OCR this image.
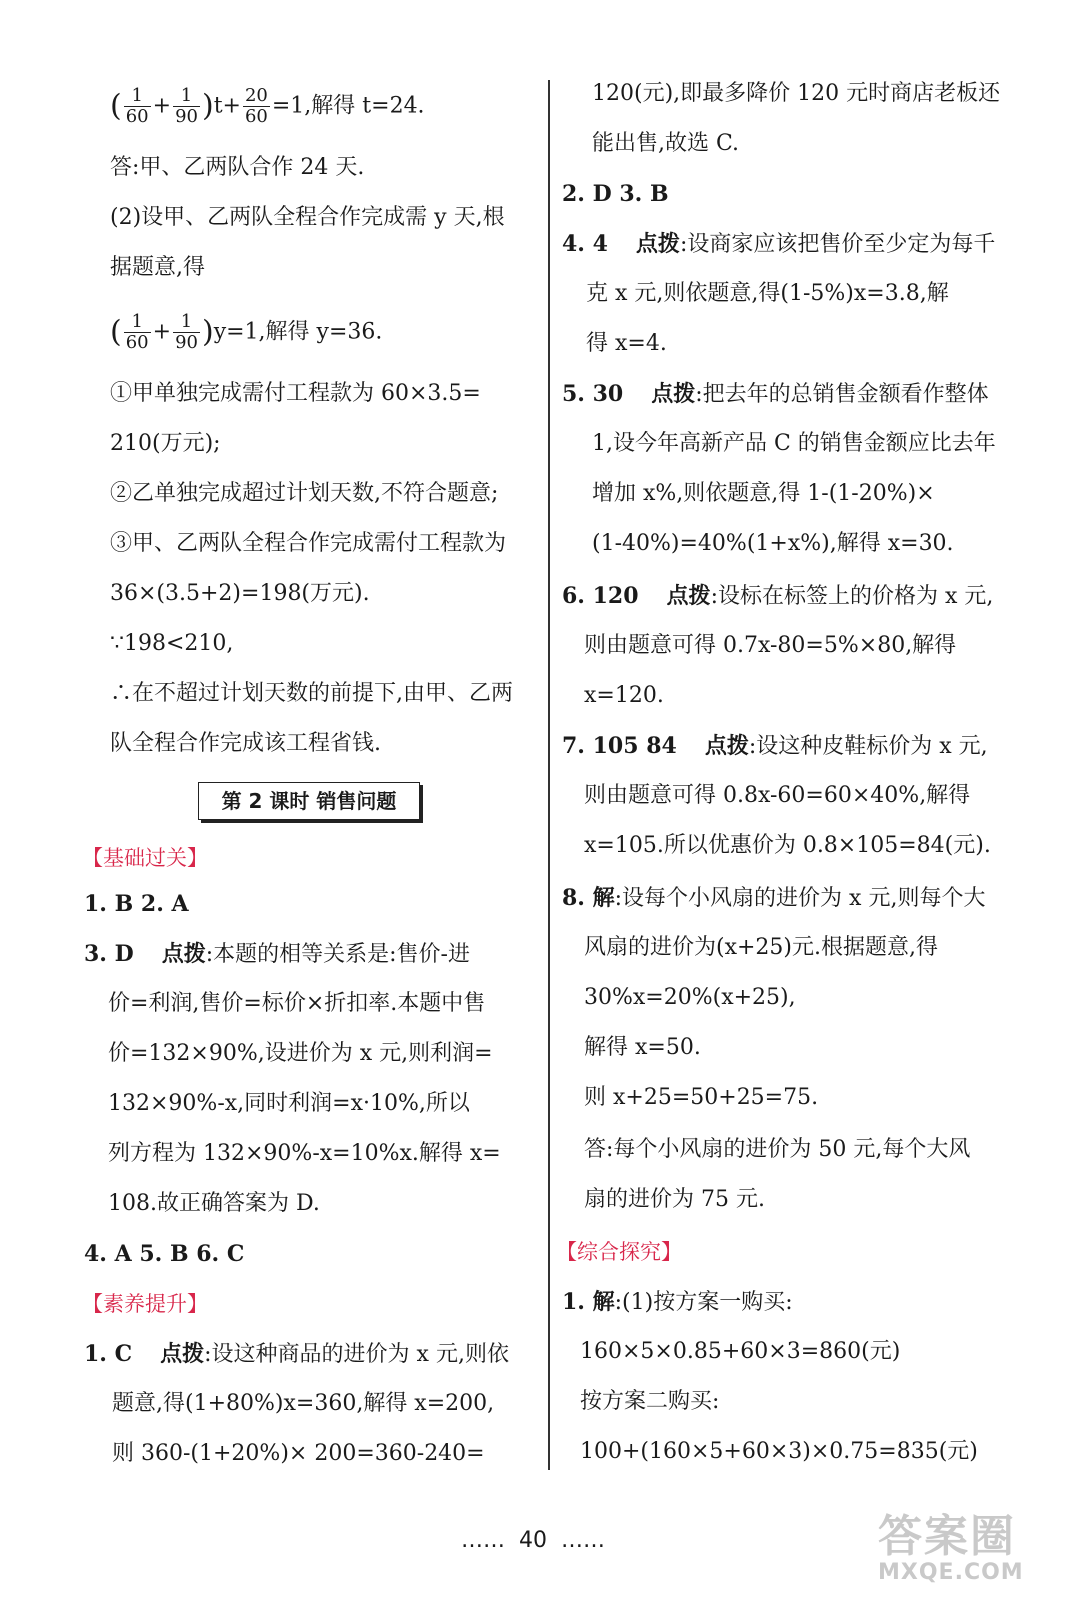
( $\frac{1}{60} + \frac{1}{90} )t+ \frac{20}{60} =1$,解得 t=24.
答:甲、乙两队合作 24 天.
(2)设甲、乙两队全程合作完成需 y 天,根
据题意,得
( $\frac{1}{60} + \frac{1}{90} )y=1$,解得 y=36.
①甲单独完成需付工程款为 60×3.5=
210(万元);
②乙单独完成超过计划天数,不符合题意;
③甲、乙两队全程合作完成需付工程款为
36×(3.5+2)=198(万元).
∵198<210,
∴在不超过计划天数的前提下,由甲、乙两
队全程合作完成该工程省钱.
第 2 课时 销售问题
【基础过关】
1. B 2. A
3. D 点拨:本题的相等关系是:售价-进
价=利润,售价=标价×折扣率.本题中售
价=132×90%,设进价为 x 元,则利润=
132×90%-x,同时利润=x·10%,所以
列方程为 132×90%-x=10%x.解得 x=
108.故正确答案为 D.
4. A 5. B 6. C
【素养提升】
1. C 点拨:设这种商品的进价为 x 元,则依
题意,得(1+80%)x=360,解得 x=200,
则 360-(1+20%)× 200=360-240=
120(元),即最多降价 120 元时商店老板还
能出售,故选 C.
2. D 3. B
4. 4 点拨:设商家应该把售价至少定为每千
克 x 元,则依题意,得(1-5%)x=3.8,解
得 x=4.
5. 30 点拨:把去年的总销售金额看作整体
1,设今年高新产品 C 的销售金额应比去年
增加 x%,则依题意,得 1-(1-20%)×
(1-40%)=40%(1+x%),解得 x=30.
6. 120 点拨:设标在标签上的价格为 x 元,
则由题意可得 0.7x-80=5%×80,解得
x=120.
7. 105 84 点拨:设这种皮鞋标价为 x 元,
则由题意可得 0.8x-60=60×40%,解得
x=105.所以优惠价为 0.8×105=84(元).
8. 解:设每个小风扇的进价为 x 元,则每个大
风扇的进价为(x+25)元.根据题意,得
30%x=20%(x+25),
解得 x=50.
则 x+25=50+25=75.
答:每个小风扇的进价为 50 元,每个大风
扇的进价为 75 元.
【综合探究】
1. 解:(1)按方案一购买:
160×5×0.85+60×3=860(元)
按方案二购买:
100+(160×5+60×3)×0.75=835(元)
…… 40 ……	答案圈
MXQE.COM
